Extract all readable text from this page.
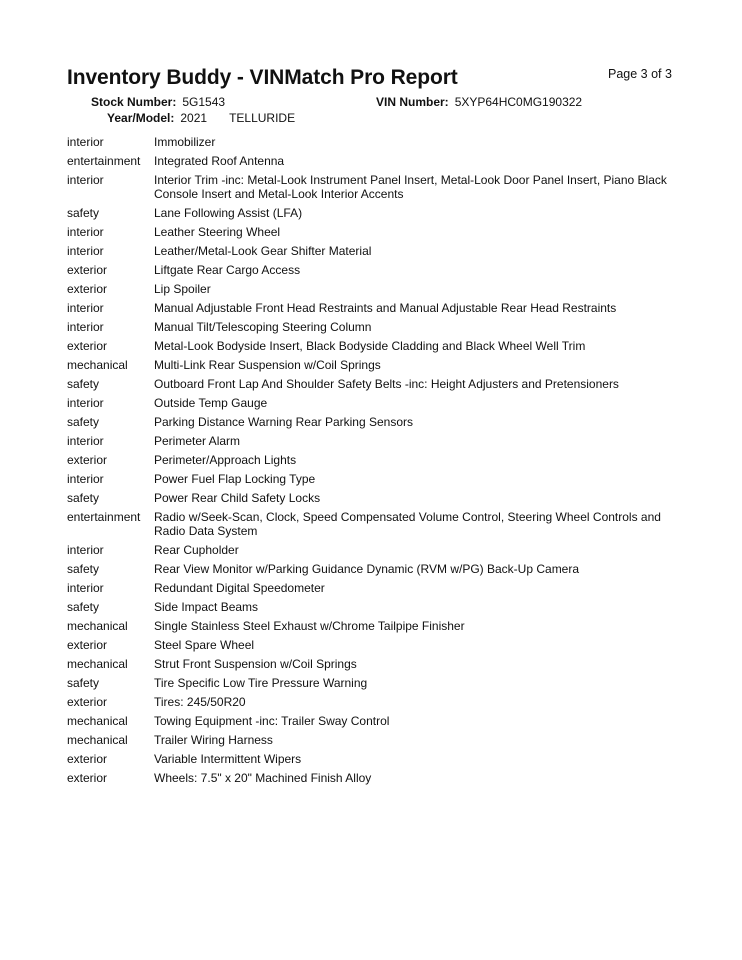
Page 3 of 3
Inventory Buddy - VINMatch Pro Report
Stock Number: 5G1543	VIN Number: 5XYP64HC0MG190322
Year/Model: 2021 TELLURIDE
interior	Immobilizer
entertainment	Integrated Roof Antenna
interior	Interior Trim -inc: Metal-Look Instrument Panel Insert, Metal-Look Door Panel Insert, Piano Black Console Insert and Metal-Look Interior Accents
safety	Lane Following Assist (LFA)
interior	Leather Steering Wheel
interior	Leather/Metal-Look Gear Shifter Material
exterior	Liftgate Rear Cargo Access
exterior	Lip Spoiler
interior	Manual Adjustable Front Head Restraints and Manual Adjustable Rear Head Restraints
interior	Manual Tilt/Telescoping Steering Column
exterior	Metal-Look Bodyside Insert, Black Bodyside Cladding and Black Wheel Well Trim
mechanical	Multi-Link Rear Suspension w/Coil Springs
safety	Outboard Front Lap And Shoulder Safety Belts -inc: Height Adjusters and Pretensioners
interior	Outside Temp Gauge
safety	Parking Distance Warning Rear Parking Sensors
interior	Perimeter Alarm
exterior	Perimeter/Approach Lights
interior	Power Fuel Flap Locking Type
safety	Power Rear Child Safety Locks
entertainment	Radio w/Seek-Scan, Clock, Speed Compensated Volume Control, Steering Wheel Controls and Radio Data System
interior	Rear Cupholder
safety	Rear View Monitor w/Parking Guidance Dynamic (RVM w/PG) Back-Up Camera
interior	Redundant Digital Speedometer
safety	Side Impact Beams
mechanical	Single Stainless Steel Exhaust w/Chrome Tailpipe Finisher
exterior	Steel Spare Wheel
mechanical	Strut Front Suspension w/Coil Springs
safety	Tire Specific Low Tire Pressure Warning
exterior	Tires: 245/50R20
mechanical	Towing Equipment -inc: Trailer Sway Control
mechanical	Trailer Wiring Harness
exterior	Variable Intermittent Wipers
exterior	Wheels: 7.5" x 20" Machined Finish Alloy
